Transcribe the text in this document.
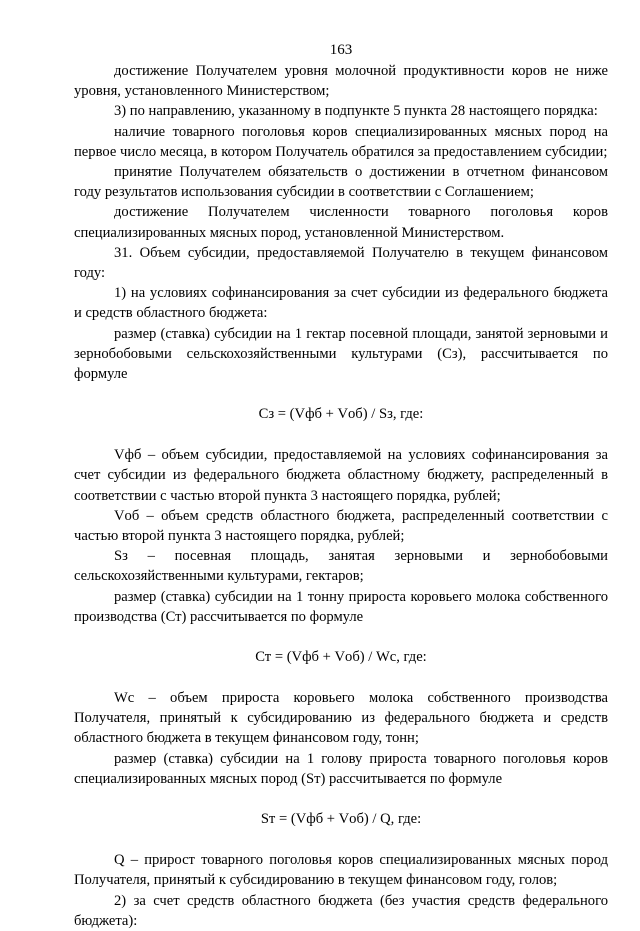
163

достижение Получателем уровня молочной продуктивности коров не ниже уровня, установленного Министерством;

3) по направлению, указанному в подпункте 5 пункта 28 настоящего порядка:

наличие товарного поголовья коров специализированных мясных пород на первое число месяца, в котором Получатель обратился за предоставлением субсидии;

принятие Получателем обязательств о достижении в отчетном финансовом году результатов использования субсидии в соответствии с Соглашением;

достижение Получателем численности товарного поголовья коров специализированных мясных пород, установленной Министерством.

31. Объем субсидии, предоставляемой Получателю в текущем финансовом году:

1) на условиях софинансирования за счет субсидии из федерального бюджета и средств областного бюджета:

размер (ставка) субсидии на 1 гектар посевной площади, занятой зерновыми и зернобобовыми сельскохозяйственными культурами (Сз), рассчитывается по формуле

Сз = (Vфб + Vоб) / Sз, где:

Vфб – объем субсидии, предоставляемой на условиях софинансирования за счет субсидии из федерального бюджета областному бюджету, распределенный в соответствии с частью второй пункта 3 настоящего порядка, рублей;

Vоб – объем средств областного бюджета, распределенный соответствии с частью второй пункта 3 настоящего порядка, рублей;

Sз – посевная площадь, занятая зерновыми и зернобобовыми сельскохозяйственными культурами, гектаров;

размер (ставка) субсидии на 1 тонну прироста коровьего молока собственного производства (Ст) рассчитывается по формуле

Ст = (Vфб + Vоб) / Wс, где:

Wс – объем прироста коровьего молока собственного производства Получателя, принятый к субсидированию из федерального бюджета и средств областного бюджета в текущем финансовом году, тонн;

размер (ставка) субсидии на 1 голову прироста товарного поголовья коров специализированных мясных пород (Sт) рассчитывается по формуле

Sт = (Vфб + Vоб) / Q, где:

Q – прирост товарного поголовья коров специализированных мясных пород Получателя, принятый к субсидированию в текущем финансовом году, голов;

2) за счет средств областного бюджета (без участия средств федерального бюджета):
